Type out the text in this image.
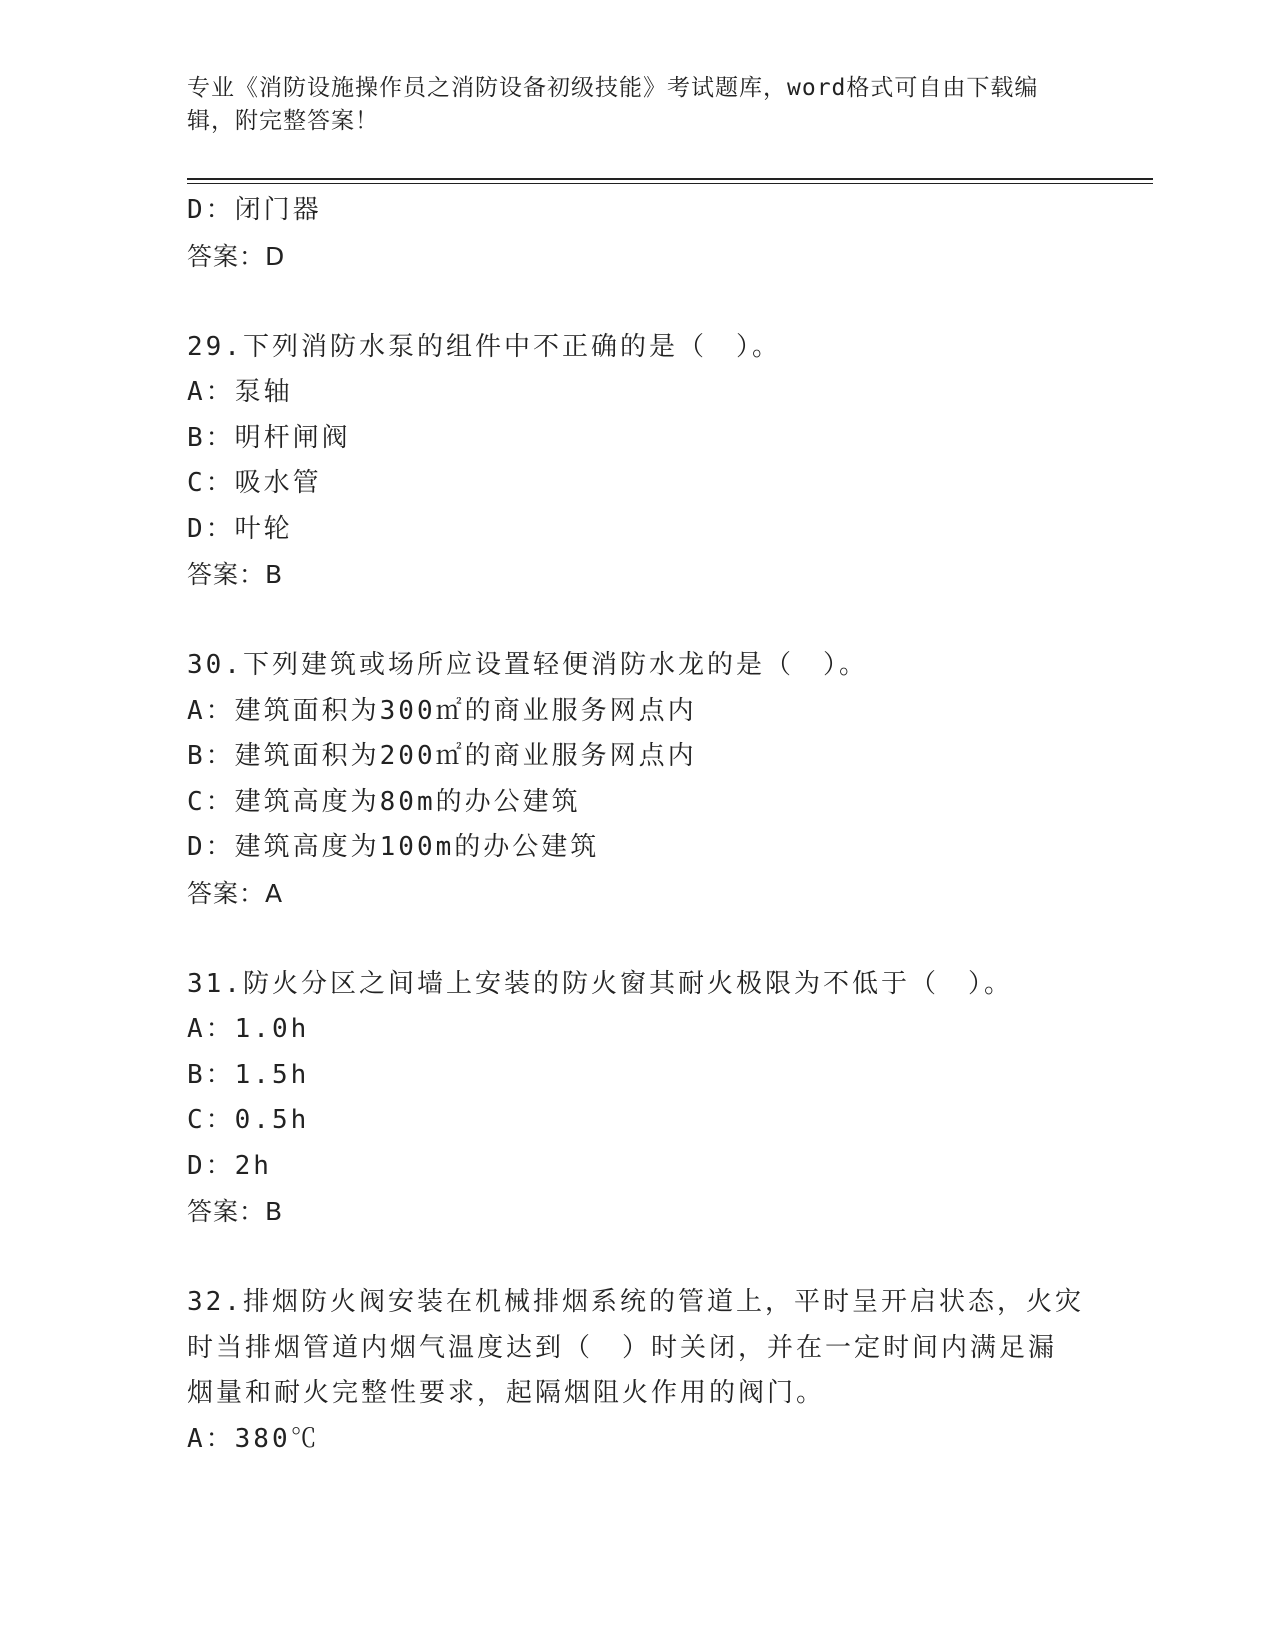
专业《消防设施操作员之消防设备初级技能》考试题库，word格式可自由下载编
辑，附完整答案！
D：闭门器
答案：D
29.下列消防水泵的组件中不正确的是（　）。
A：泵轴
B：明杆闸阀
C：吸水管
D：叶轮
答案：B
30.下列建筑或场所应设置轻便消防水龙的是（　）。
A：建筑面积为300㎡的商业服务网点内
B：建筑面积为200㎡的商业服务网点内
C：建筑高度为80m的办公建筑
D：建筑高度为100m的办公建筑
答案：A
31.防火分区之间墙上安装的防火窗其耐火极限为不低于（　）。
A：1.0h
B：1.5h
C：0.5h
D：2h
答案：B
32.排烟防火阀安装在机械排烟系统的管道上，平时呈开启状态，火灾
时当排烟管道内烟气温度达到（　）时关闭，并在一定时间内满足漏
烟量和耐火完整性要求，起隔烟阻火作用的阀门。
A：380℃
